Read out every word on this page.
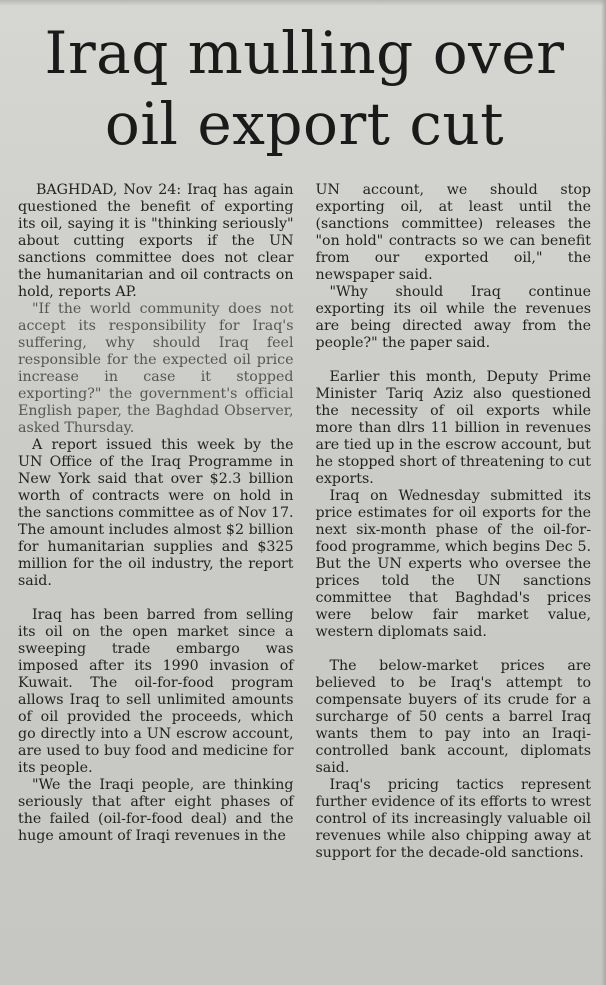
Iraq mulling over
oil export cut

BAGHDAD, Nov 24: Iraq has again questioned the benefit of exporting its oil, saying it is "thinking seriously" about cutting exports if the UN sanctions committee does not clear the humanitarian and oil contracts on hold, reports AP.

"If the world community does not accept its responsibility for Iraq's suffering, why should Iraq feel responsible for the expected oil price increase in case it stopped exporting?" the government's official English paper, the Baghdad Observer, asked Thursday.

A report issued this week by the UN Office of the Iraq Programme in New York said that over $2.3 billion worth of contracts were on hold in the sanctions committee as of Nov 17. The amount includes almost $2 billion for humanitarian supplies and $325 million for the oil industry, the report said.

Iraq has been barred from selling its oil on the open market since a sweeping trade embargo was imposed after its 1990 invasion of Kuwait. The oil-for-food program allows Iraq to sell unlimited amounts of oil provided the proceeds, which go directly into a UN escrow account, are used to buy food and medicine for its people.

"We the Iraqi people, are thinking seriously that after eight phases of the failed (oil-for-food deal) and the huge amount of Iraqi revenues in the

UN account, we should stop exporting oil, at least until the (sanctions committee) releases the "on hold" contracts so we can benefit from our exported oil," the newspaper said.

"Why should Iraq continue exporting its oil while the revenues are being directed away from the people?" the paper said.

Earlier this month, Deputy Prime Minister Tariq Aziz also questioned the necessity of oil exports while more than dlrs 11 billion in revenues are tied up in the escrow account, but he stopped short of threatening to cut exports.

Iraq on Wednesday submitted its price estimates for oil exports for the next six-month phase of the oil-for-food programme, which begins Dec 5. But the UN experts who oversee the prices told the UN sanctions committee that Baghdad's prices were below fair market value, western diplomats said.

The below-market prices are believed to be Iraq's attempt to compensate buyers of its crude for a surcharge of 50 cents a barrel Iraq wants them to pay into an Iraqi-controlled bank account, diplomats said.

Iraq's pricing tactics represent further evidence of its efforts to wrest control of its increasingly valuable oil revenues while also chipping away at support for the decade-old sanctions.
